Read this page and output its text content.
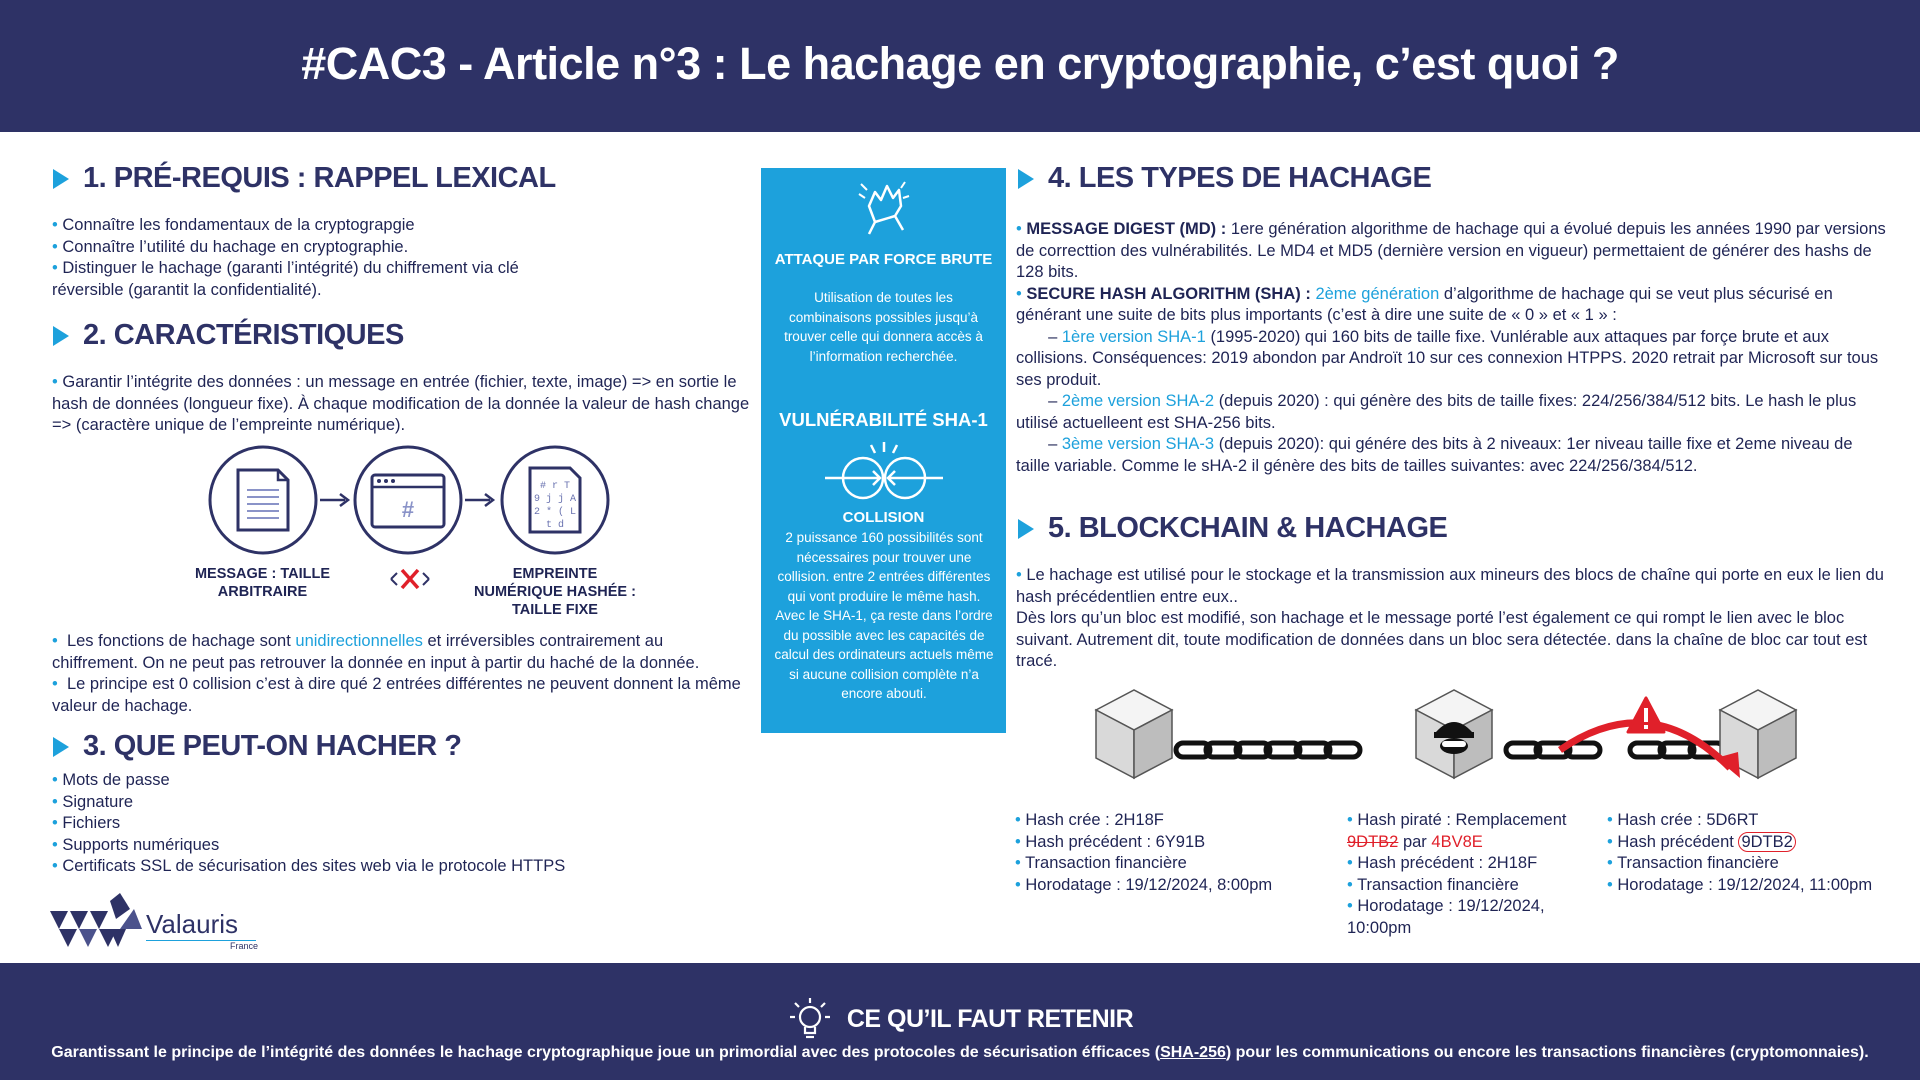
#CAC3 - Article n°3 : Le hachage en cryptographie, c’est quoi ?
1. PRÉ-REQUIS : RAPPEL LEXICAL

• Connaître les fondamentaux de la cryptograpgie

• Connaître l’utilité du hachage en cryptographie.

• Distinguer le hachage (garanti l’intégrité) du chiffrement via clé réversible (garantit la confidentialité).

2. CARACTÉRISTIQUES

• Garantir l’intégrite des données : un message en entrée (fichier, texte, image) => en sortie le hash de données (longueur fixe). À chaque modification de la donnée la valeur de hash change => (caractère unique de l’empreinte numérique).

#
# r T
9 j j A
2 * ( L
t d
MESSAGE : TAILLE ARBITRAIRE
EMPREINTE NUMÉRIQUE HASHÉE : TAILLE FIXE

• Les fonctions de hachage sont unidirectionnelles et irréversibles contrairement au chiffrement. On ne peut pas retrouver la donnée en input à partir du haché de la donnée.

• Le principe est 0 collision c’est à dire qué 2 entrées différentes ne peuvent donnent la même valeur de hachage.

3. QUE PEUT-ON HACHER ?

• Mots de passe

• Signature

• Fichiers

• Supports numériques

• Certificats SSL de sécurisation des sites web via le protocole HTTPS

Valauris
France
ATTAQUE PAR FORCE BRUTE
Utilisation de toutes les combinaisons possibles jusqu’à trouver celle qui donnera accès à l’information recherchée.
VULNÉRABILITÉ SHA-1
COLLISION
2 puissance 160 possibilités sont nécessaires pour trouver une collision. entre 2 entrées différentes qui vont produire le même hash. Avec le SHA-1, ça reste dans l’ordre du possible avec les capacités de calcul des ordinateurs actuels même si aucune collision complète n’a encore abouti.
4. LES TYPES DE HACHAGE

• MESSAGE DIGEST (MD) : 1ere génération algorithme de hachage qui a évolué depuis les années 1990 par versions de correcttion des vulnérabilités. Le MD4 et MD5 (dernière version en vigueur) permettaient de générer des hashs de 128 bits.

• SECURE HASH ALGORITHM (SHA) : 2ème génération d’algorithme de hachage qui se veut plus sécurisé en générant une suite de bits plus importants (c’est à dire une suite de « 0 » et « 1 » :

– 1ère version SHA-1 (1995-2020) qui 160 bits de taille fixe. Vunlérable aux attaques par forçe brute et aux collisions. Conséquences: 2019 abondon par Androït 10 sur ces connexion HTPPS. 2020 retrait par Microsoft sur tous ses produit.

– 2ème version SHA-2 (depuis 2020) : qui génère des bits de taille fixes: 224/256/384/512 bits. Le hash le plus utilisé actuelleent est SHA-256 bits.

– 3ème version SHA-3 (depuis 2020): qui génére des bits à 2 niveaux: 1er niveau taille fixe et 2eme niveau de taille variable. Comme le sHA-2 il génère des bits de tailles suivantes: avec 224/256/384/512.

5. BLOCKCHAIN & HACHAGE

• Le hachage est utilisé pour le stockage et la transmission aux mineurs des blocs de chaîne qui porte en eux le lien du hash précédentlien entre eux..

Dès lors qu’un bloc est modifié, son hachage et le message porté l’est également ce qui rompt le lien avec le bloc suivant. Autrement dit, toute modification de données dans un bloc sera détectée. dans la chaîne de bloc car tout est tracé.

• Hash crée : 2H18F

• Hash précédent : 6Y91B

• Transaction financière

• Horodatage : 19/12/2024, 8:00pm

• Hash piraté : Remplacement

9DTB2 par 4BV8E

• Hash précédent : 2H18F

• Transaction financière

• Horodatage : 19/12/2024, 10:00pm

• Hash crée : 5D6RT

• Hash précédent 9DTB2

• Transaction financière

• Horodatage : 19/12/2024, 11:00pm

CE QU’IL FAUT RETENIR
Garantissant le principe de l’intégrité des données le hachage cryptographique joue un primordial avec des protocoles de sécurisation éfficaces (SHA-256) pour les communications ou encore les transactions financières (cryptomonnaies).
